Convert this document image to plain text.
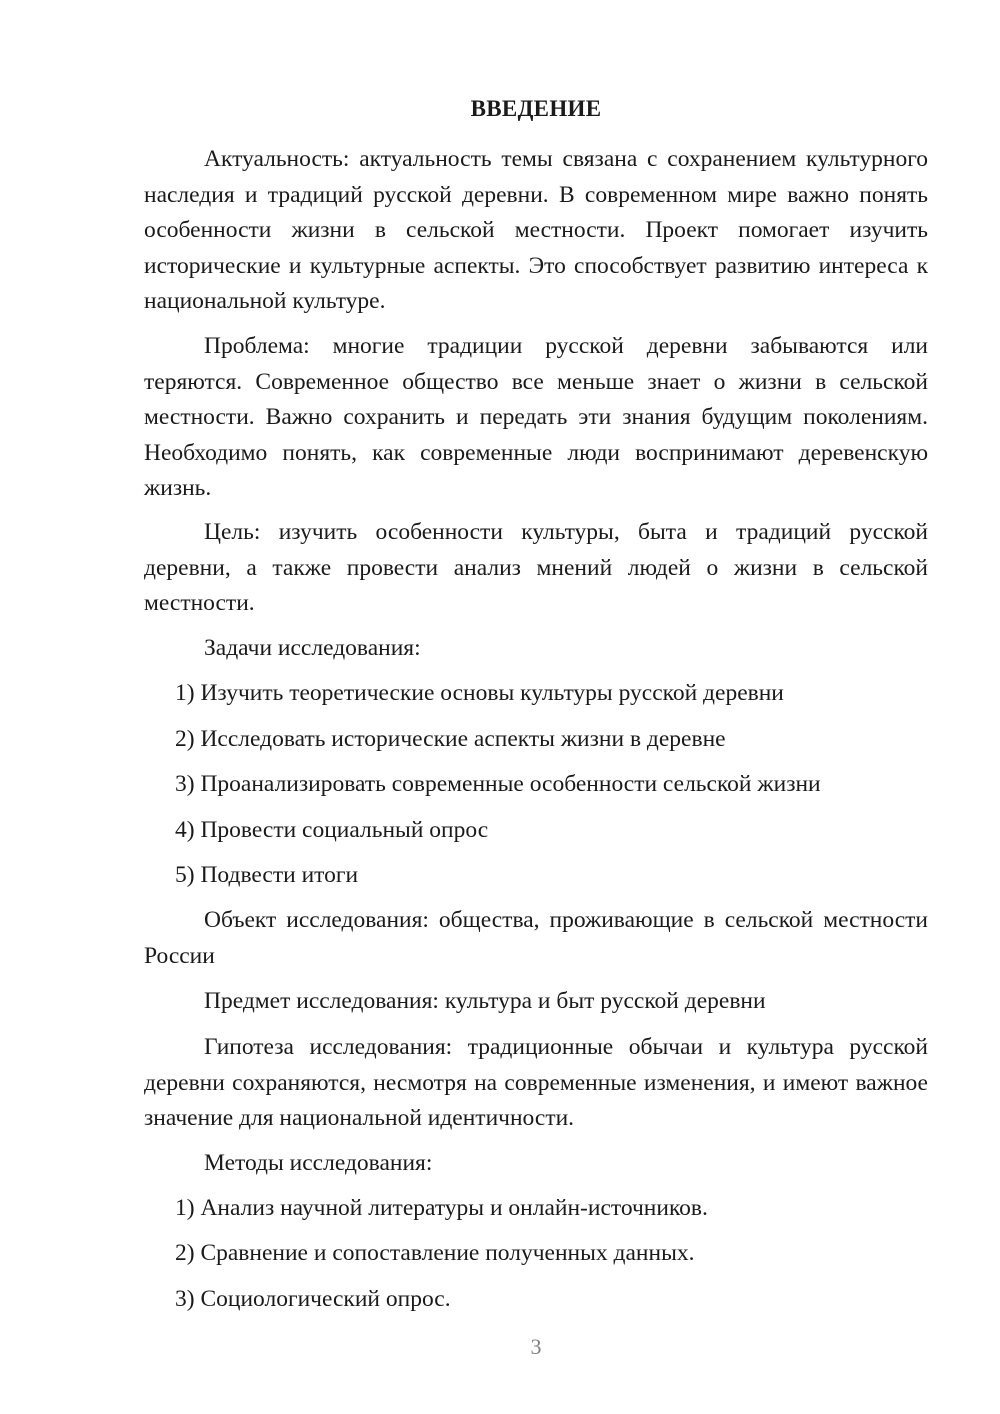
ВВЕДЕНИЕ

Актуальность: актуальность темы связана с сохранением культурного наследия и традиций русской деревни. В современном мире важно понять особенности жизни в сельской местности. Проект помогает изучить исторические и культурные аспекты. Это способствует развитию интереса к национальной культуре.

Проблема: многие традиции русской деревни забываются или теряются. Современное общество все меньше знает о жизни в сельской местности. Важно сохранить и передать эти знания будущим поколениям. Необходимо понять, как современные люди воспринимают деревенскую жизнь.

Цель: изучить особенности культуры, быта и традиций русской деревни, а также провести анализ мнений людей о жизни в сельской местности.

Задачи исследования:

1) Изучить теоретические основы культуры русской деревни

2) Исследовать исторические аспекты жизни в деревне

3) Проанализировать современные особенности сельской жизни

4) Провести социальный опрос

5) Подвести итоги

Объект исследования: общества, проживающие в сельской местности России

Предмет исследования: культура и быт русской деревни

Гипотеза исследования: традиционные обычаи и культура русской деревни сохраняются, несмотря на современные изменения, и имеют важное значение для национальной идентичности.

Методы исследования:

1) Анализ научной литературы и онлайн-источников.

2) Сравнение и сопоставление полученных данных.

3) Социологический опрос.

3
